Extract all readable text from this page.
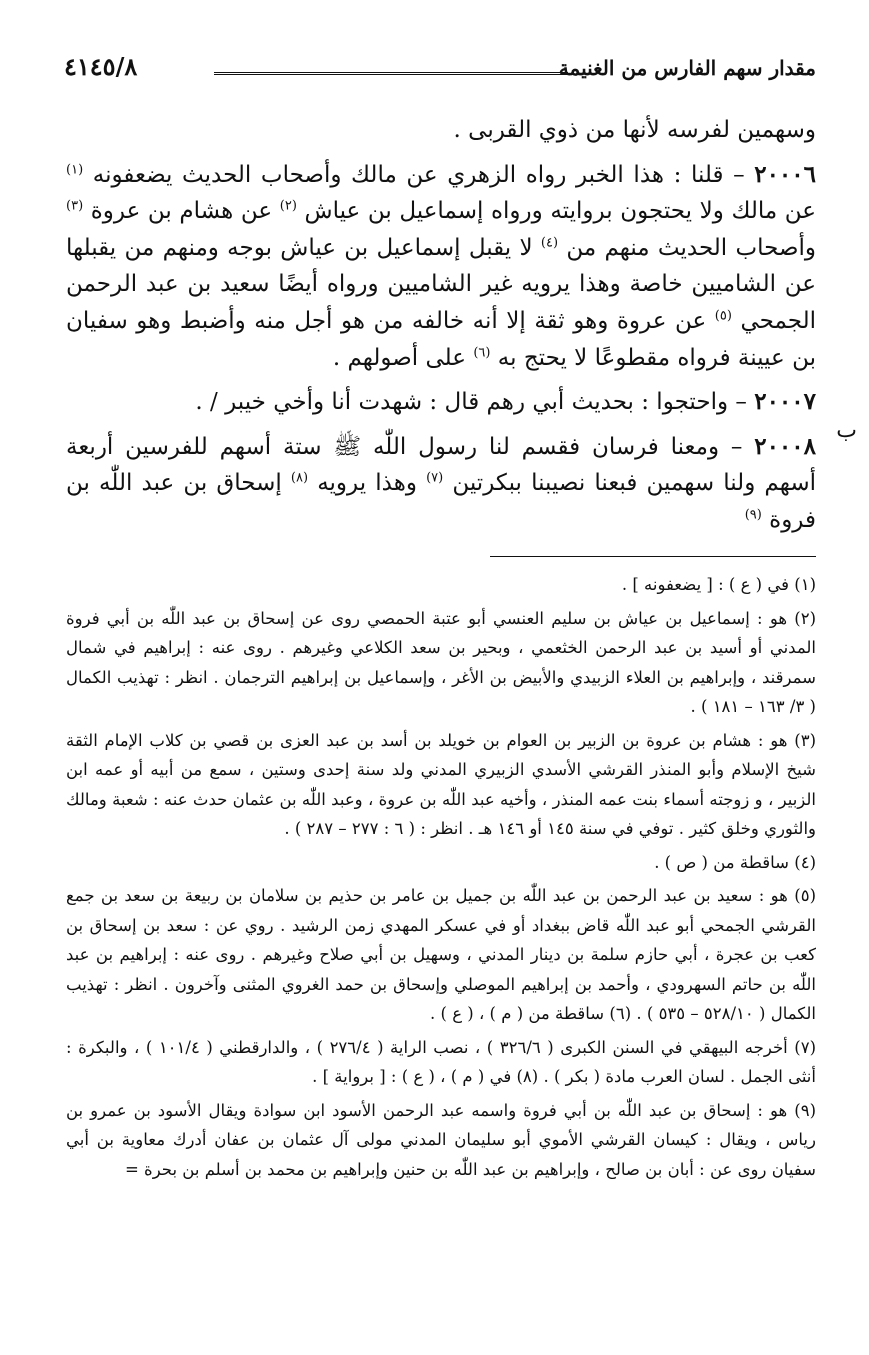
مقدار سهم الفارس من الغنيمة
٤١٤٥/٨
ب

وسهمين لفرسه لأنها من ذوي القربى .

٢٠٠٠٦ – قلنا : هذا الخبر رواه الزهري عن مالك وأصحاب الحديث يضعفونه $^{(١)}$ عن مالك ولا يحتجون بروايته ورواه إسماعيل بن عياش $^{(٢)}$ عن هشام بن عروة $^{(٣)}$ وأصحاب الحديث منهم من $^{(٤)}$ لا يقبل إسماعيل بن عياش بوجه ومنهم من يقبلها عن الشاميين خاصة وهذا يرويه غير الشاميين ورواه أيضًا سعيد بن عبد الرحمن الجمحي $^{(٥)}$ عن عروة وهو ثقة إلا أنه خالفه من هو أجل منه وأضبط وهو سفيان بن عيينة فرواه مقطوعًا لا يحتج به $^{(٦)}$ على أصولهم .

٢٠٠٠٧ – واحتجوا : بحديث أبي رهم قال : شهدت أنا وأخي خيبر / .

٢٠٠٠٨ – ومعنا فرسان فقسم لنا رسول اللّٰه ﷺ ستة أسهم للفرسين أربعة أسهم ولنا سهمين فبعنا نصيبنا ببكرتين $^{(٧)}$ وهذا يرويه $^{(٨)}$ إسحاق بن عبد اللّٰه بن فروة $^{(٩)}$

(١) في ( ع ) : [ يضعفونه ] .

(٢) هو : إسماعيل بن عياش بن سليم العنسي أبو عتبة الحمصي روى عن إسحاق بن عبد اللّٰه بن أبي فروة المدني أو أسيد بن عبد الرحمن الخثعمي ، وبحير بن سعد الكلاعي وغيرهم . روى عنه : إبراهيم في شمال سمرقند ، وإبراهيم بن العلاء الزبيدي والأبيض بن الأغر ، وإسماعيل بن إبراهيم الترجمان . انظر : تهذيب الكمال ( ٣/ ١٦٣ – ١٨١ ) .

(٣) هو : هشام بن عروة بن الزبير بن العوام بن خويلد بن أسد بن عبد العزى بن قصي بن كلاب الإمام الثقة شيخ الإسلام وأبو المنذر القرشي الأسدي الزبيري المدني ولد سنة إحدى وستين ، سمع من أبيه أو عمه ابن الزبير ، و زوجته أسماء بنت عمه المنذر ، وأخيه عبد اللّٰه بن عروة ، وعبد اللّٰه بن عثمان حدث عنه : شعبة ومالك والثوري وخلق كثير . توفي في سنة ١٤٥ أو ١٤٦ هـ . انظر : ( ٦ : ٢٧٧ – ٢٨٧ ) .

(٤) ساقطة من ( ص ) .

(٥) هو : سعيد بن عبد الرحمن بن عبد اللّٰه بن جميل بن عامر بن حذيم بن سلامان بن ربيعة بن سعد بن جمع القرشي الجمحي أبو عبد اللّٰه قاض ببغداد أو في عسكر المهدي زمن الرشيد . روي عن : سعد بن إسحاق بن كعب بن عجرة ، أبي حازم سلمة بن دينار المدني ، وسهيل بن أبي صلاح وغيرهم . روى عنه : إبراهيم بن عبد اللّٰه بن حاتم السهرودي ، وأحمد بن إبراهيم الموصلي وإسحاق بن حمد الغروي المثنى وآخرون . انظر : تهذيب الكمال ( ٥٢٨/١٠ – ٥٣٥ ) . (٦) ساقطة من ( م ) ، ( ع ) .

(٧) أخرجه البيهقي في السنن الكبرى ( ٣٢٦/٦ ) ، نصب الراية ( ٢٧٦/٤ ) ، والدارقطني ( ١٠١/٤ ) ، والبكرة : أنثى الجمل . لسان العرب مادة ( بكر ) . (٨) في ( م ) ، ( ع ) : [ برواية ] .

(٩) هو : إسحاق بن عبد اللّٰه بن أبي فروة واسمه عبد الرحمن الأسود ابن سوادة ويقال الأسود بن عمرو بن رياس ، ويقال : كيسان القرشي الأموي أبو سليمان المدني مولى آل عثمان بن عفان أدرك معاوية بن أبي سفيان روى عن : أبان بن صالح ، وإبراهيم بن عبد اللّٰه بن حنين وإبراهيم بن محمد بن أسلم بن بحرة =
